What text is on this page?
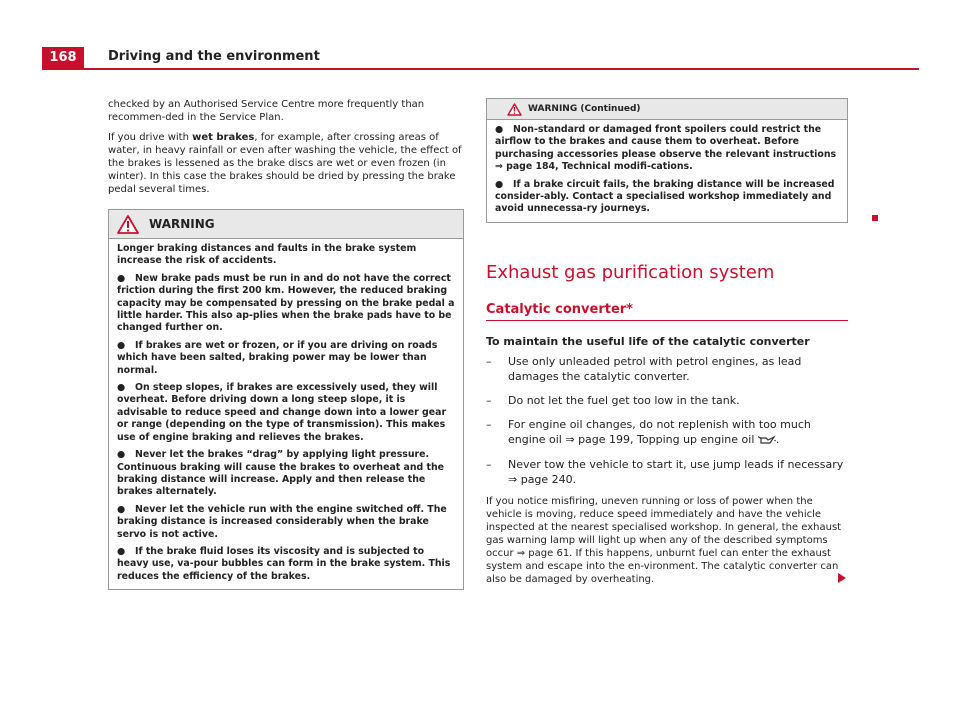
168	Driving and the environment

checked by an Authorised Service Centre more frequently than recommen-ded in the Service Plan.

If you drive with wet brakes, for example, after crossing areas of water, in heavy rainfall or even after washing the vehicle, the effect of the brakes is lessened as the brake discs are wet or even frozen (in winter). In this case the brakes should be dried by pressing the brake pedal several times.

WARNING

Longer braking distances and faults in the brake system increase the risk of accidents.

●   New brake pads must be run in and do not have the correct friction during the first 200 km. However, the reduced braking capacity may be compensated by pressing on the brake pedal a little harder. This also ap-plies when the brake pads have to be changed further on.

●   If brakes are wet or frozen, or if you are driving on roads which have been salted, braking power may be lower than normal.

●   On steep slopes, if brakes are excessively used, they will overheat. Before driving down a long steep slope, it is advisable to reduce speed and change down into a lower gear or range (depending on the type of transmission). This makes use of engine braking and relieves the brakes.

●   Never let the brakes “drag” by applying light pressure. Continuous braking will cause the brakes to overheat and the braking distance will increase. Apply and then release the brakes alternately.

●   Never let the vehicle run with the engine switched off. The braking distance is increased considerably when the brake servo is not active.

●   If the brake fluid loses its viscosity and is subjected to heavy use, va-pour bubbles can form in the brake system. This reduces the efficiency of the brakes.

WARNING (Continued)

●   Non-standard or damaged front spoilers could restrict the airflow to the brakes and cause them to overheat. Before purchasing accessories please observe the relevant instructions ⇒ page 184, Technical modifi-cations.

●   If a brake circuit fails, the braking distance will be increased consider-ably. Contact a specialised workshop immediately and avoid unnecessa-ry journeys.

Exhaust gas purification system
Catalytic converter*

To maintain the useful life of the catalytic converter

–	Use only unleaded petrol with petrol engines, as lead damages the catalytic converter.
–	Do not let the fuel get too low in the tank.
–	For engine oil changes, do not replenish with too much engine oil ⇒ page 199, Topping up engine oil .
–	Never tow the vehicle to start it, use jump leads if necessary ⇒ page 240.

If you notice misfiring, uneven running or loss of power when the vehicle is moving, reduce speed immediately and have the vehicle inspected at the nearest specialised workshop. In general, the exhaust gas warning lamp will light up when any of the described symptoms occur ⇒ page 61. If this happens, unburnt fuel can enter the exhaust system and escape into the en-vironment. The catalytic converter can also be damaged by overheating.
